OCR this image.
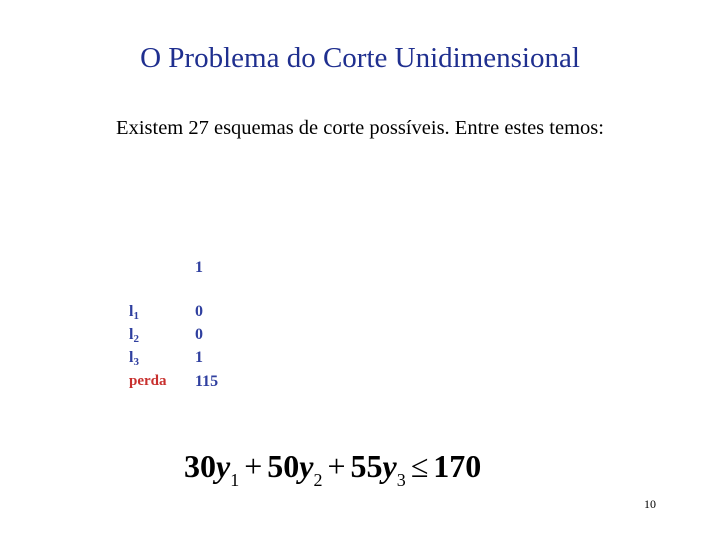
O Problema do Corte Unidimensional
Existem 27 esquemas de corte possíveis. Entre estes temos:
1
$l_1$	0
$l_2$	0
$l_3$	1
perda 115
$30y_1 + 50y_2 + 55y_3 \le 170$
10
